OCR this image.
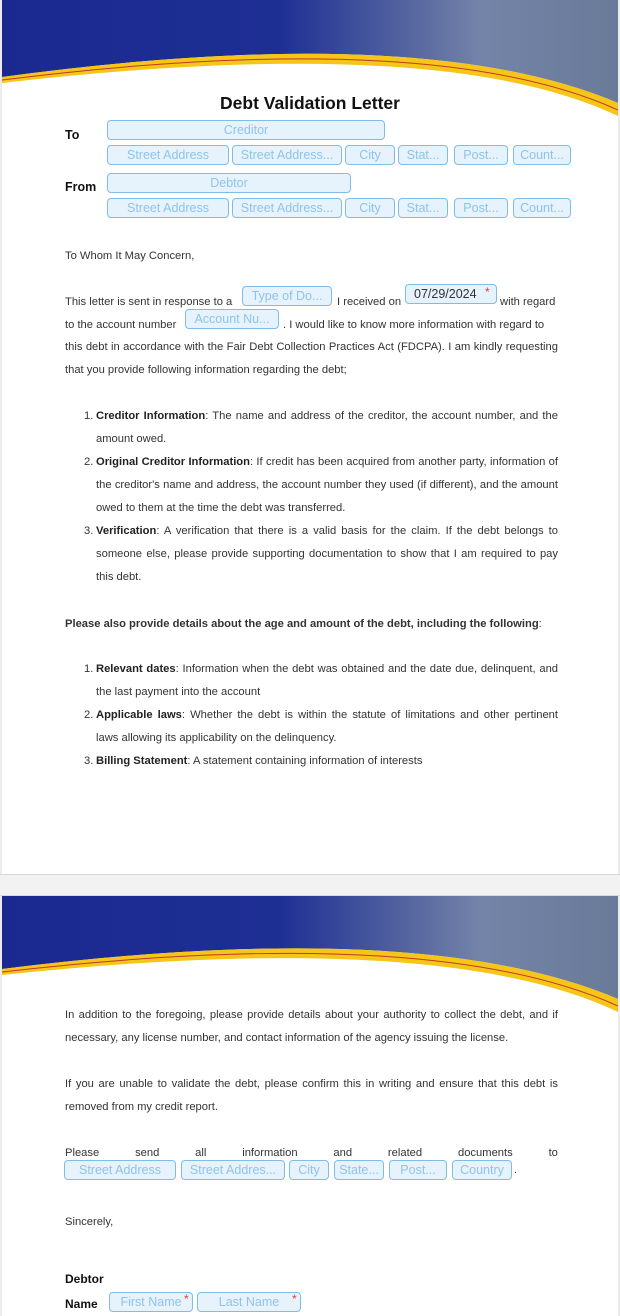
Debt Validation Letter
To	Creditor
Street Address	Street Address...	City	Stat...	Post...	Count...
From	Debtor
Street Address	Street Address...	City	Stat...	Post...	Count...
To Whom It May Concern,
This letter is sent in response to a	Type of Do...	I received on
07/29/2024 *
with regard
to the account number	Account Nu...	. I would like to know more information with regard to
this debt in accordance with the Fair Debt Collection Practices Act (FDCPA). I am kindly requesting that you provide following information regarding the debt;
1. Creditor Information: The name and address of the creditor, the account number, and the amount owed.
2. Original Creditor Information: If credit has been acquired from another party, information of the creditor's name and address, the account number they used (if different), and the amount owed to them at the time the debt was transferred.
3. Verification: A verification that there is a valid basis for the claim. If the debt belongs to someone else, please provide supporting documentation to show that I am required to pay this debt.
Please also provide details about the age and amount of the debt, including the following:
1. Relevant dates: Information when the debt was obtained and the date due, delinquent, and the last payment into the account
2. Applicable laws: Whether the debt is within the statute of limitations and other pertinent laws allowing its applicability on the delinquency.
3. Billing Statement: A statement containing information of interests
In addition to the foregoing, please provide details about your authority to collect the debt, and if necessary, any license number, and contact information of the agency issuing the license.
If you are unable to validate the debt, please confirm this in writing and ensure that this debt is removed from my credit report.
Please	send	all	information	and	related	documents	to
Street Address	Street Addres...	City	State...	Post...	Country .
Sincerely,
Debtor
Name	First Name *	Last Name	*
